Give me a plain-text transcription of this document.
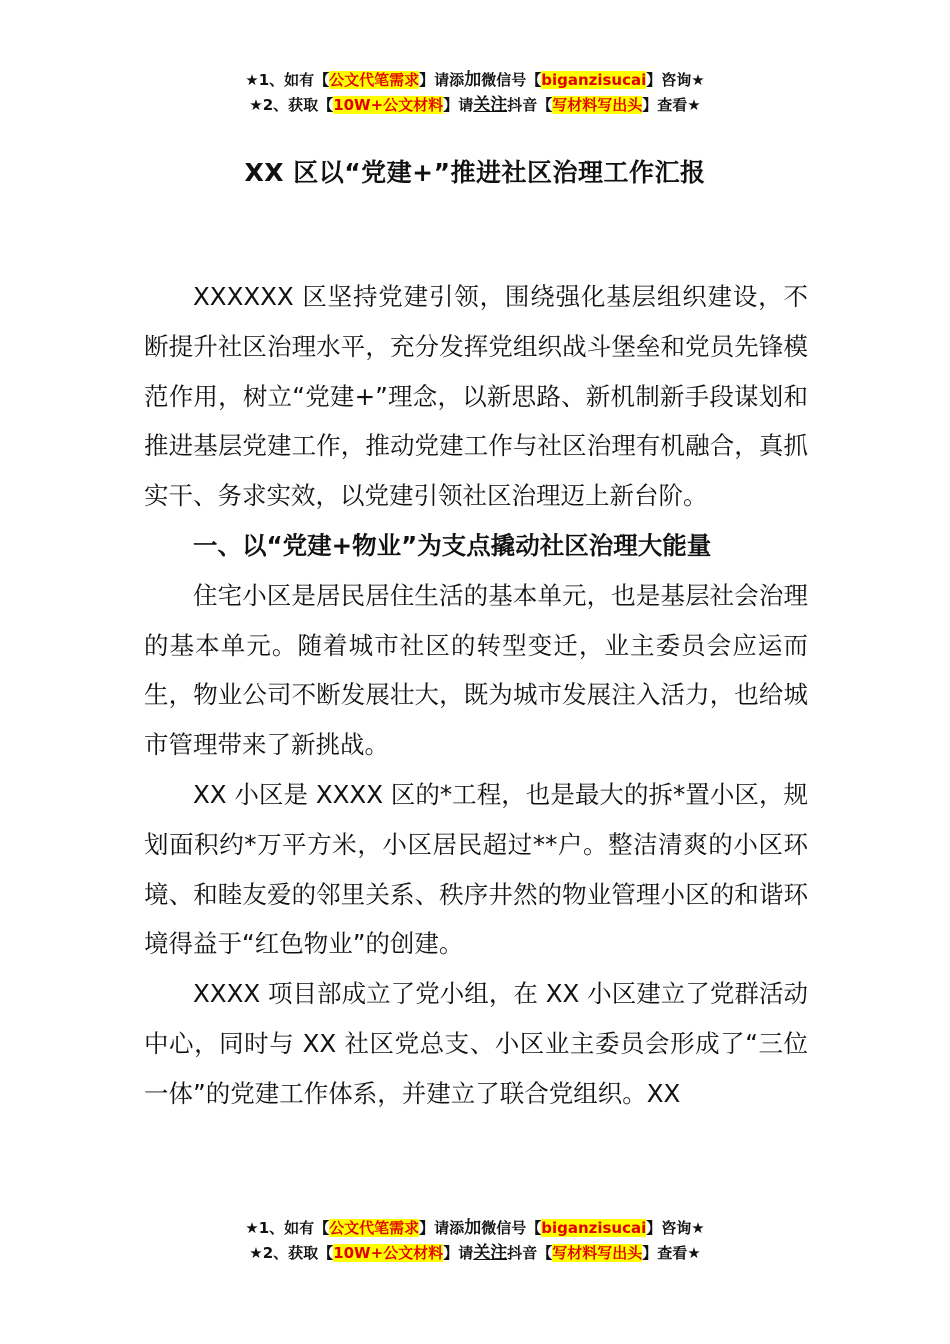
★1、如有【公文代笔需求】请添加微信号【biganzisucai】咨询★
★2、获取【10W+公文材料】请关注抖音【写材料写出头】查看★
XX 区以“党建+”推进社区治理工作汇报

XXXXXX 区坚持党建引领，围绕强化基层组织建设，不断提升社区治理水平，充分发挥党组织战斗堡垒和党员先锋模范作用，树立“党建+”理念，以新思路、新机制新手段谋划和推进基层党建工作，推动党建工作与社区治理有机融合，真抓实干、务求实效，以党建引领社区治理迈上新台阶。

一、以“党建+物业”为支点撬动社区治理大能量

住宅小区是居民居住生活的基本单元，也是基层社会治理的基本单元。随着城市社区的转型变迁，业主委员会应运而生，物业公司不断发展壮大，既为城市发展注入活力，也给城市管理带来了新挑战。

XX 小区是 XXXX 区的*工程，也是最大的拆*置小区，规划面积约*万平方米，小区居民超过**户。整洁清爽的小区环境、和睦友爱的邻里关系、秩序井然的物业管理小区的和谐环境得益于“红色物业”的创建。

XXXX 项目部成立了党小组，在 XX 小区建立了党群活动中心，同时与 XX 社区党总支、小区业主委员会形成了“三位一体”的党建工作体系，并建立了联合党组织。XX

★1、如有【公文代笔需求】请添加微信号【biganzisucai】咨询★
★2、获取【10W+公文材料】请关注抖音【写材料写出头】查看★
